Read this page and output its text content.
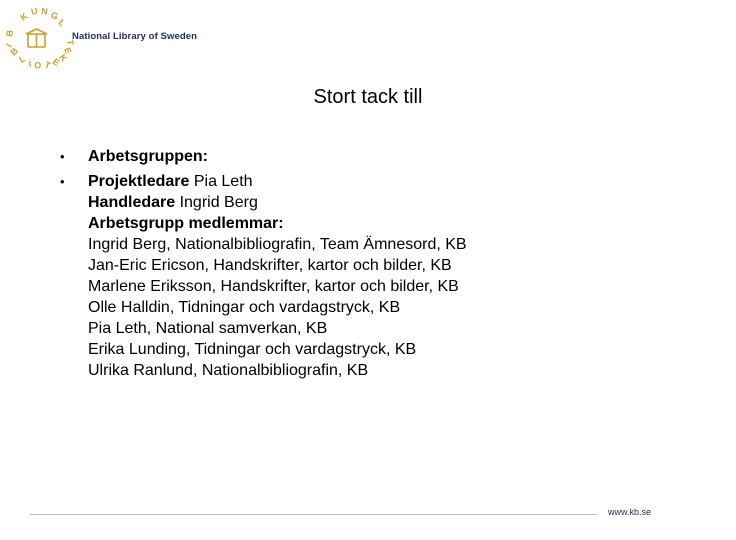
K U N G
L
B
I
B
L I O T
E
K
E
T
National Library of Sweden
Stort tack till
•	Arbetsgruppen:
•	Projektledare Pia Leth
Handledare Ingrid Berg
Arbetsgrupp medlemmar:
Ingrid Berg, Nationalbibliografin, Team Ämnesord, KB
Jan-Eric Ericson, Handskrifter, kartor och bilder, KB
Marlene Eriksson, Handskrifter, kartor och bilder, KB
Olle Halldin, Tidningar och vardagstryck, KB
Pia Leth, National samverkan, KB
Erika Lunding, Tidningar och vardagstryck, KB
Ulrika Ranlund, Nationalbibliografin, KB
www.kb.se
